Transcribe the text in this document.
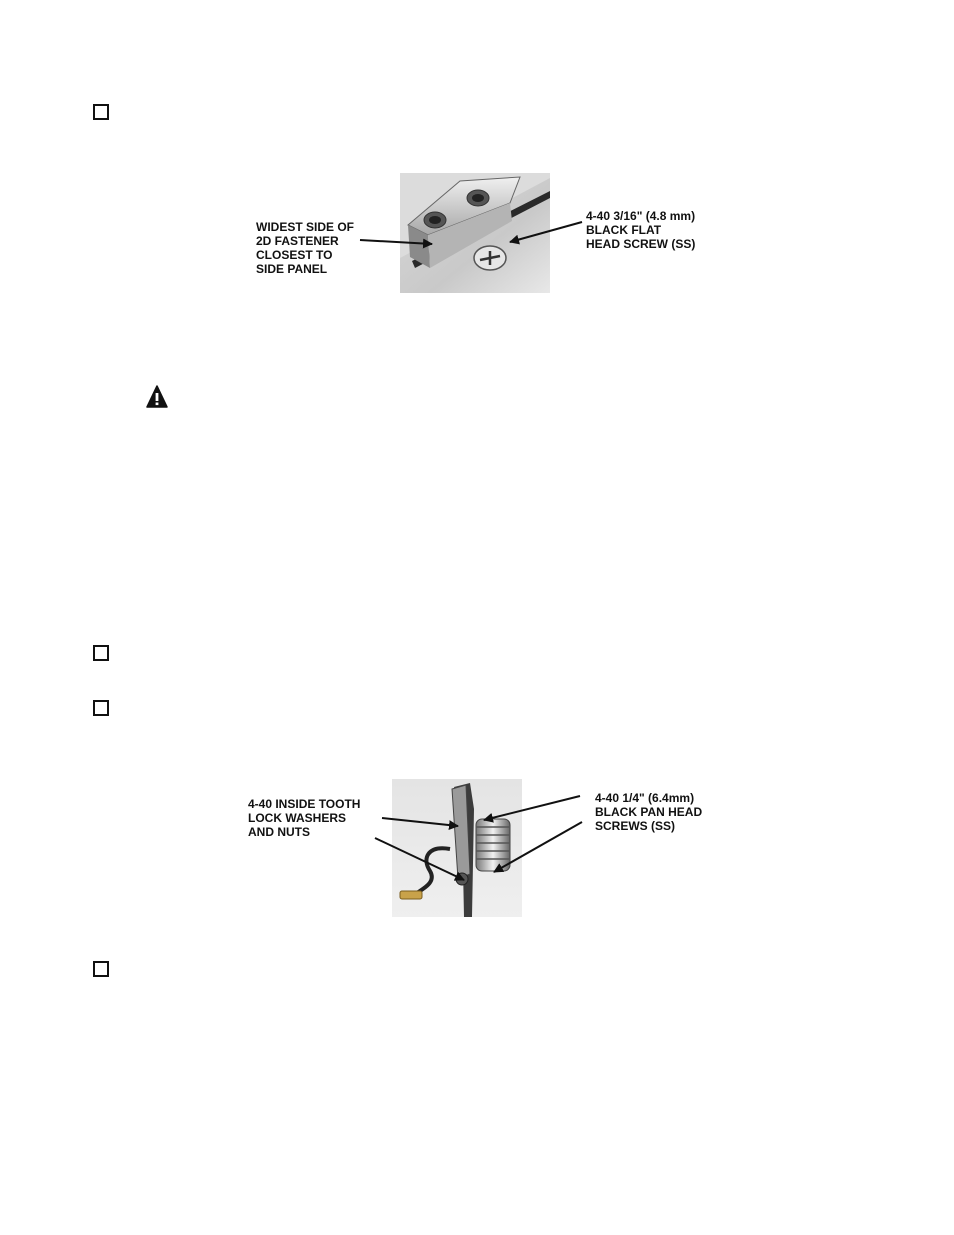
WIDEST SIDE OF
2D FASTENER
CLOSEST TO
SIDE PANEL
4-40 3/16" (4.8 mm)
BLACK FLAT
HEAD SCREW (SS)
4-40 INSIDE TOOTH
LOCK WASHERS
AND NUTS
4-40 1/4" (6.4mm)
BLACK PAN HEAD
SCREWS (SS)
